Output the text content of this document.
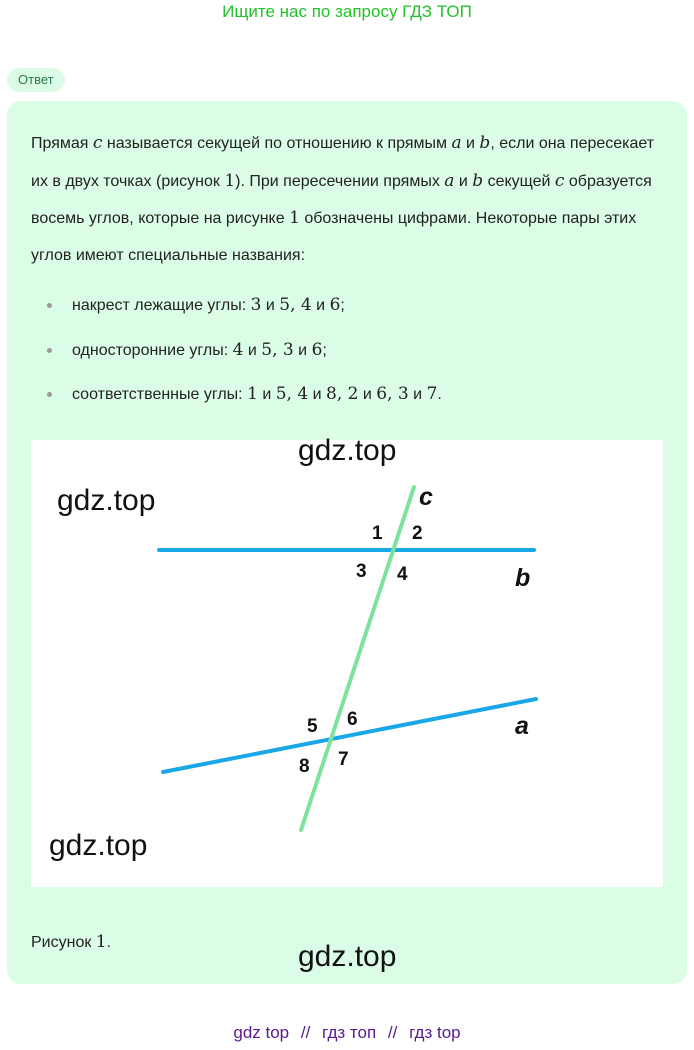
Ищите нас по запросу ГДЗ ТОП
Ответ
Прямая c называется секущей по отношению к прямым a и b, если она пересекает их в двух точках (рисунок 1). При пересечении прямых a и b секущей c образуется восемь углов, которые на рисунке 1 обозначены цифрами. Некоторые пары этих углов имеют специальные названия:
накрест лежащие углы: 3 и 5, 4 и 6;
односторонние углы: 4 и 5, 3 и 6;
соответственные углы: 1 и 5, 4 и 8, 2 и 6, 3 и 7.
c
b
a
1 2
3 4
5 6
7
8
gdz.top
gdz.top
gdz.top
Рисунок 1.	gdz.top
gdz top // гдз топ // гдз top
